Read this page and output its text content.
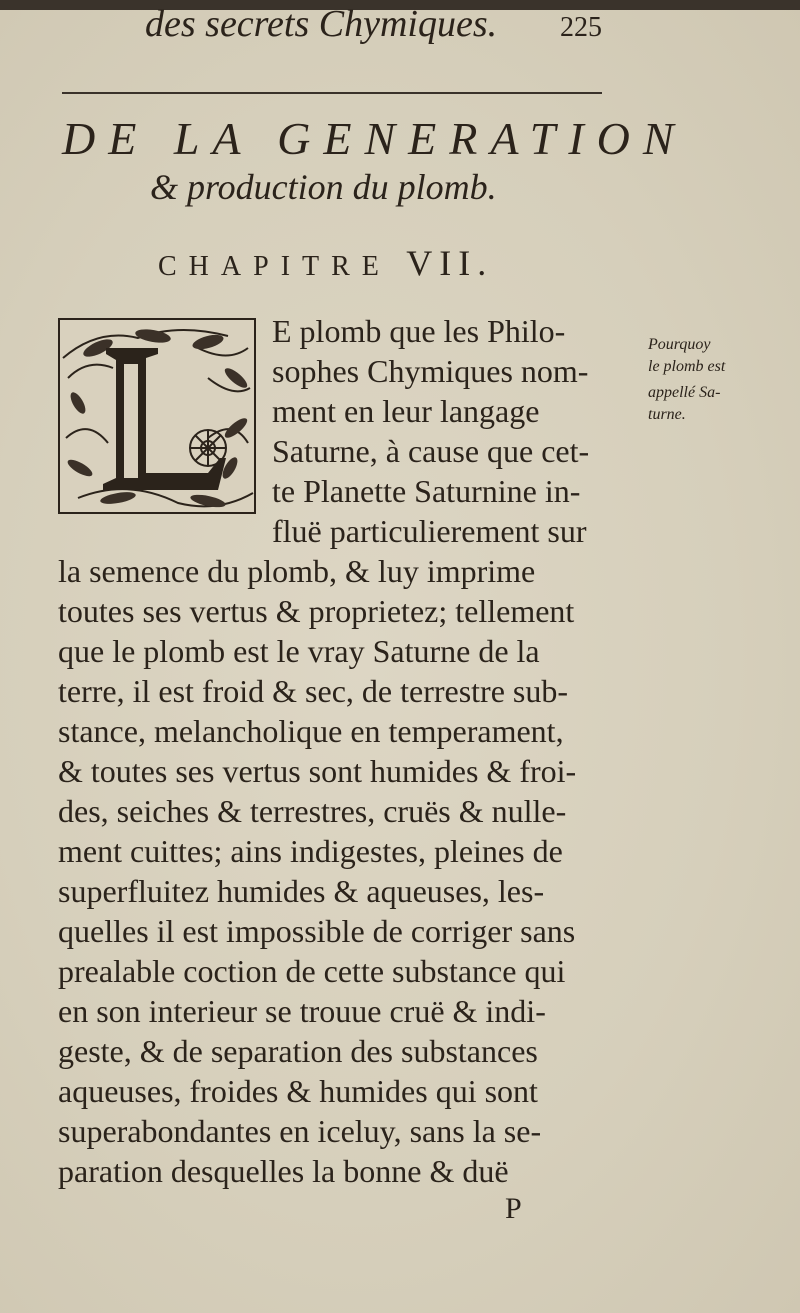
des secrets Chymiques. 225
DE LA GENERATION
& production du plomb.
CHAPITRE VII.
E plomb que les Philo-
sophes Chymiques nom-
ment en leur langage
Saturne, à cause que cet-
te Planette Saturnine in-
fluë particulierement sur
la semence du plomb, & luy imprime
toutes ses vertus & proprietez; tellement
que le plomb est le vray Saturne de la
terre, il est froid & sec, de terrestre sub-
stance, melancholique en temperament,
& toutes ses vertus sont humides & froi-
des, seiches & terrestres, cruës & nulle-
ment cuittes; ains indigestes, pleines de
superfluitez humides & aqueuses, les-
quelles il est impossible de corriger sans
prealable coction de cette substance qui
en son interieur se trouue cruë & indi-
geste, & de separation des substances
aqueuses, froides & humides qui sont
superabondantes en iceluy, sans la se-
paration desquelles la bonne & duë
Pourquoy
le plomb est
appellé Sa-
turne.
P
